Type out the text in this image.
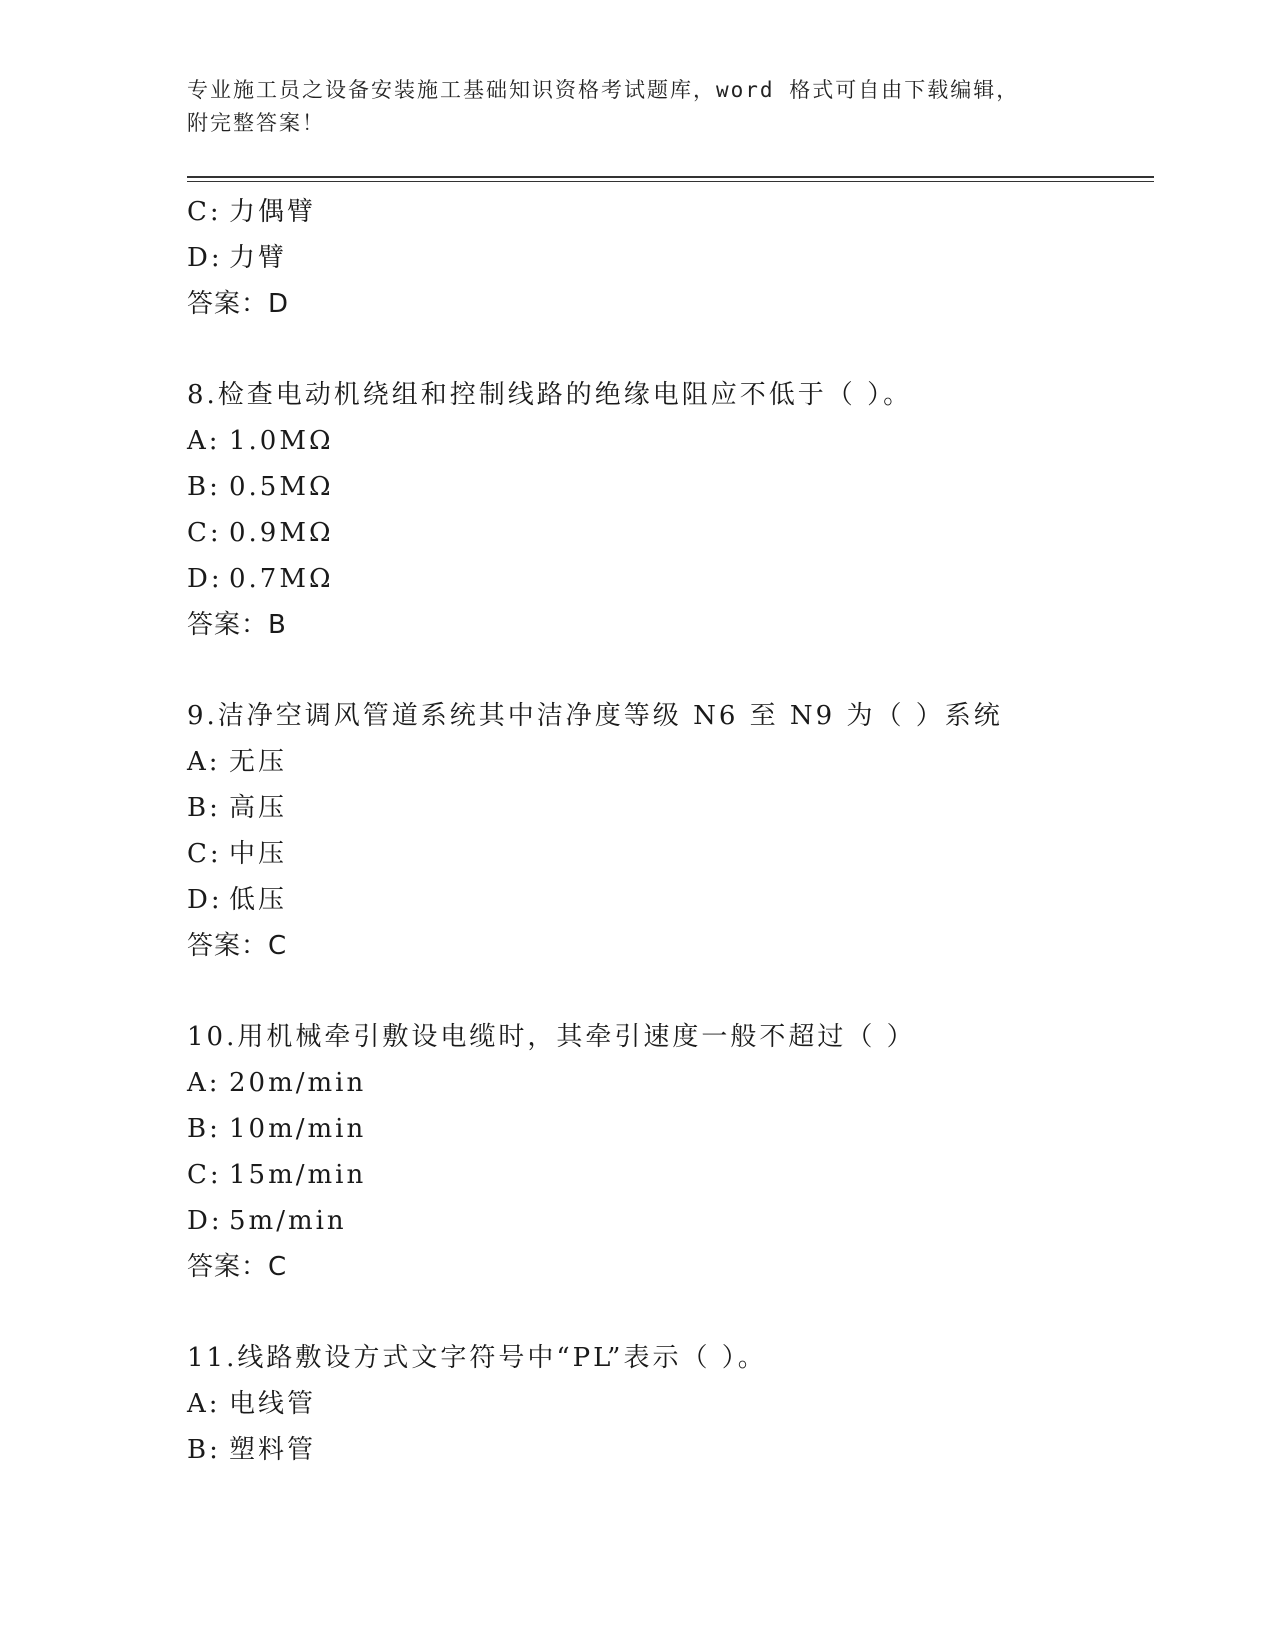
专业施工员之设备安装施工基础知识资格考试题库，word 格式可自由下载编辑，
附完整答案！
C: 力偶臂
D: 力臂
答案：D
8.检查电动机绕组和控制线路的绝缘电阻应不低于（ ）。
A: 1.0MΩ
B: 0.5MΩ
C: 0.9MΩ
D: 0.7MΩ
答案：B
9.洁净空调风管道系统其中洁净度等级 N6 至 N9 为（ ）系统
A: 无压
B: 高压
C: 中压
D: 低压
答案：C
10.用机械牵引敷设电缆时，其牵引速度一般不超过（ ）
A: 20m/min
B: 10m/min
C: 15m/min
D: 5m/min
答案：C
11.线路敷设方式文字符号中“PL”表示（ ）。
A: 电线管
B: 塑料管
